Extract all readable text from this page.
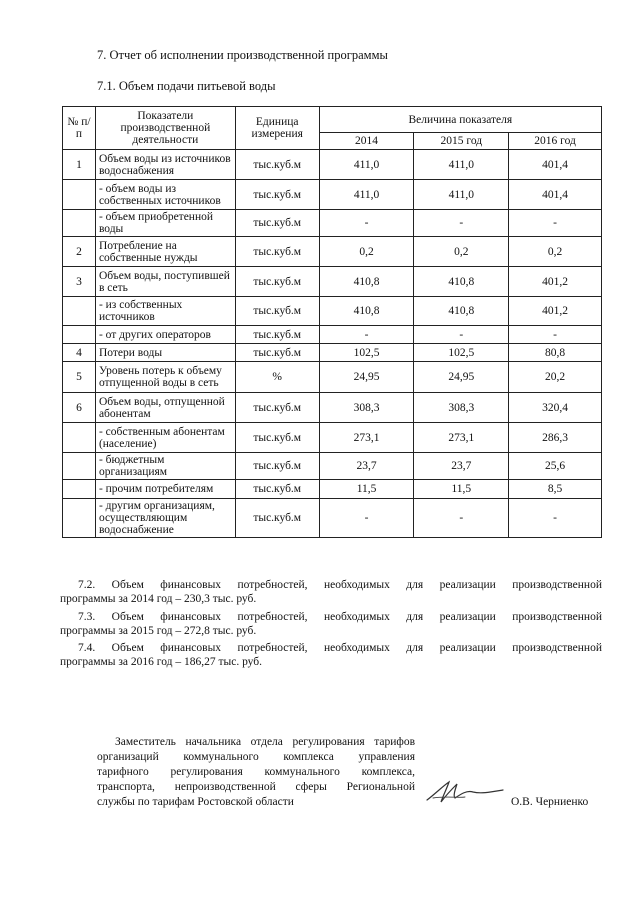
7. Отчет об исполнении производственной программы
7.1. Объем подачи питьевой воды
№ п/п	Показатели производственной деятельности	Единица измерения	Величина показателя		
			2014	2015 год	2016 год
1	Объем воды из источников водоснабжения	тыс.куб.м	411,0	411,0	401,4
	- объем воды из собственных источников	тыс.куб.м	411,0	411,0	401,4
	- объем приобретенной воды	тыс.куб.м	-	-	-
2	Потребление на собственные нужды	тыс.куб.м	0,2	0,2	0,2
3	Объем воды, поступившей в сеть	тыс.куб.м	410,8	410,8	401,2
	- из собственных источников	тыс.куб.м	410,8	410,8	401,2
	- от других операторов	тыс.куб.м	-	-	-
4	Потери воды	тыс.куб.м	102,5	102,5	80,8
5	Уровень потерь к объему отпущенной воды в сеть	%	24,95	24,95	20,2
6	Объем воды, отпущенной абонентам	тыс.куб.м	308,3	308,3	320,4
	- собственным абонентам (население)	тыс.куб.м	273,1	273,1	286,3
	- бюджетным организациям	тыс.куб.м	23,7	23,7	25,6
	- прочим потребителям	тыс.куб.м	11,5	11,5	8,5
	- другим организациям, осуществляющим водоснабжение	тыс.куб.м	-	-	-
7.2. Объем финансовых потребностей, необходимых для реализации производственной
программы за 2014 год – 230,3 тыс. руб.
7.3. Объем финансовых потребностей, необходимых для реализации производственной
программы за 2015 год – 272,8 тыс. руб.
7.4. Объем финансовых потребностей, необходимых для реализации производственной
программы за 2016 год – 186,27 тыс. руб.
Заместитель начальника отдела регулирования тарифов
организаций коммунального комплекса управления
тарифного регулирования коммунального комплекса,
транспорта, непроизводственной сферы Региональной
службы по тарифам Ростовской области	О.В. Черниенко
